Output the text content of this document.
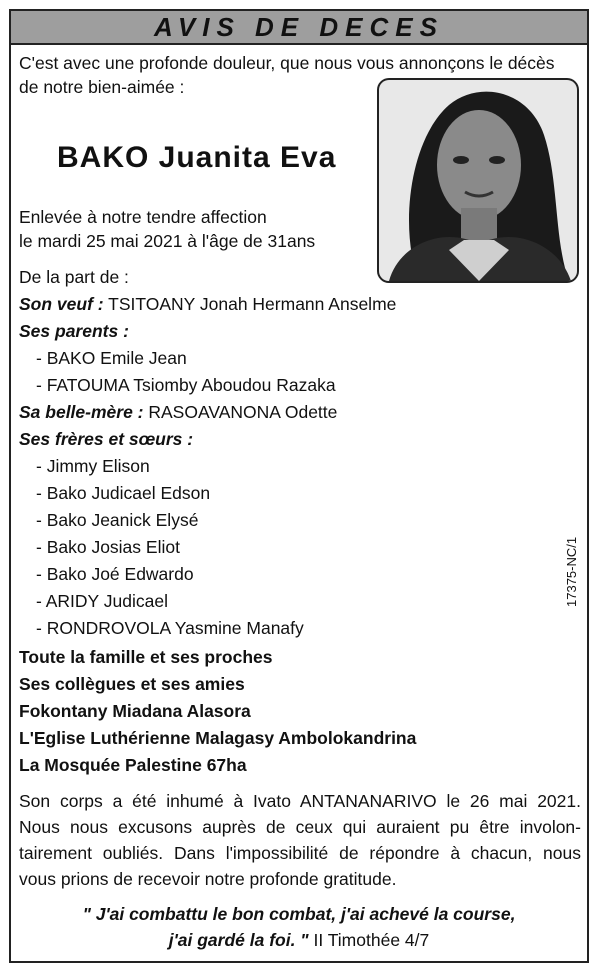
AVIS DE DECES
C'est avec une profonde douleur, que nous vous annonçons le décès
de notre bien-aimée :
BAKO Juanita Eva
Enlevée à notre tendre affection
le mardi 25 mai 2021 à l'âge de 31ans
De la part de :
Son veuf : TSITOANY Jonah Hermann Anselme
Ses parents :
- BAKO Emile Jean
- FATOUMA Tsiomby Aboudou Razaka
Sa belle-mère : RASOAVANONA Odette
Ses frères et sœurs :
- Jimmy Elison
- Bako Judicael Edson
- Bako Jeanick Elysé
- Bako Josias Eliot
- Bako Joé Edwardo
- ARIDY Judicael
- RONDROVOLA Yasmine Manafy
Toute la famille et ses proches
Ses collègues et ses amies
Fokontany Miadana Alasora
L'Eglise Luthérienne Malagasy Ambolokandrina
La Mosquée Palestine 67ha
Son corps a été inhumé à Ivato ANTANANARIVO le 26 mai 2021.
Nous nous excusons auprès de ceux qui auraient pu être involon-
tairement oubliés. Dans l'impossibilité de répondre à chacun, nous
vous prions de recevoir notre profonde gratitude.
" J'ai combattu le bon combat, j'ai achevé la course,
j'ai gardé la foi. " II Timothée 4/7
17375-NC/1
